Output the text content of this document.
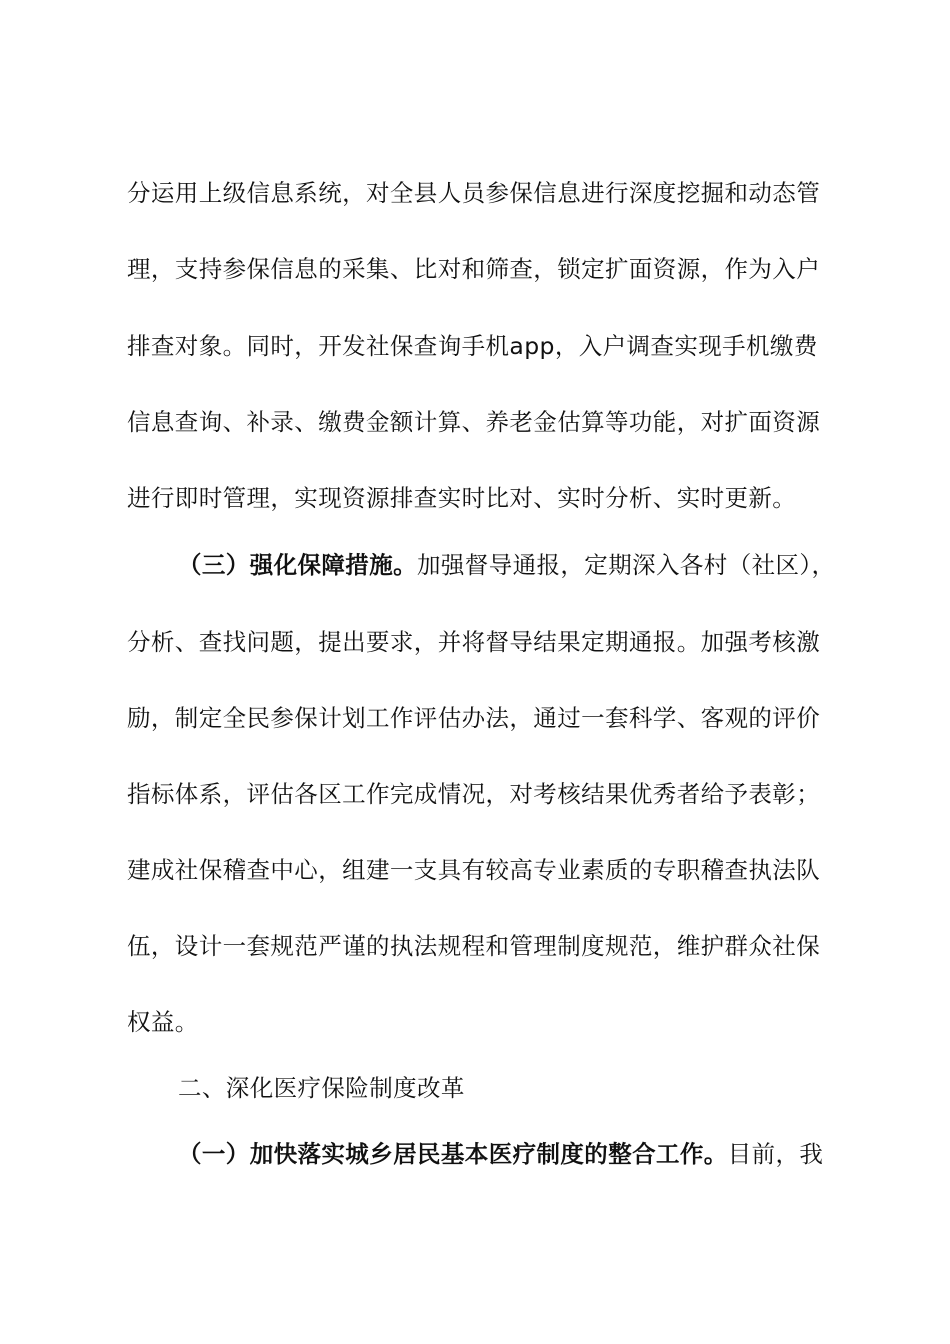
分运用上级信息系统，对全县人员参保信息进行深度挖掘和动态管
理，支持参保信息的采集、比对和筛查，锁定扩面资源，作为入户
排查对象。同时，开发社保查询手机app，入户调查实现手机缴费
信息查询、补录、缴费金额计算、养老金估算等功能，对扩面资源
进行即时管理，实现资源排查实时比对、实时分析、实时更新。
（三）强化保障措施。加强督导通报，定期深入各村（社区），
分析、查找问题，提出要求，并将督导结果定期通报。加强考核激
励，制定全民参保计划工作评估办法，通过一套科学、客观的评价
指标体系，评估各区工作完成情况，对考核结果优秀者给予表彰；
建成社保稽查中心，组建一支具有较高专业素质的专职稽查执法队
伍，设计一套规范严谨的执法规程和管理制度规范，维护群众社保
权益。
二、深化医疗保险制度改革
（一）加快落实城乡居民基本医疗制度的整合工作。目前，我
